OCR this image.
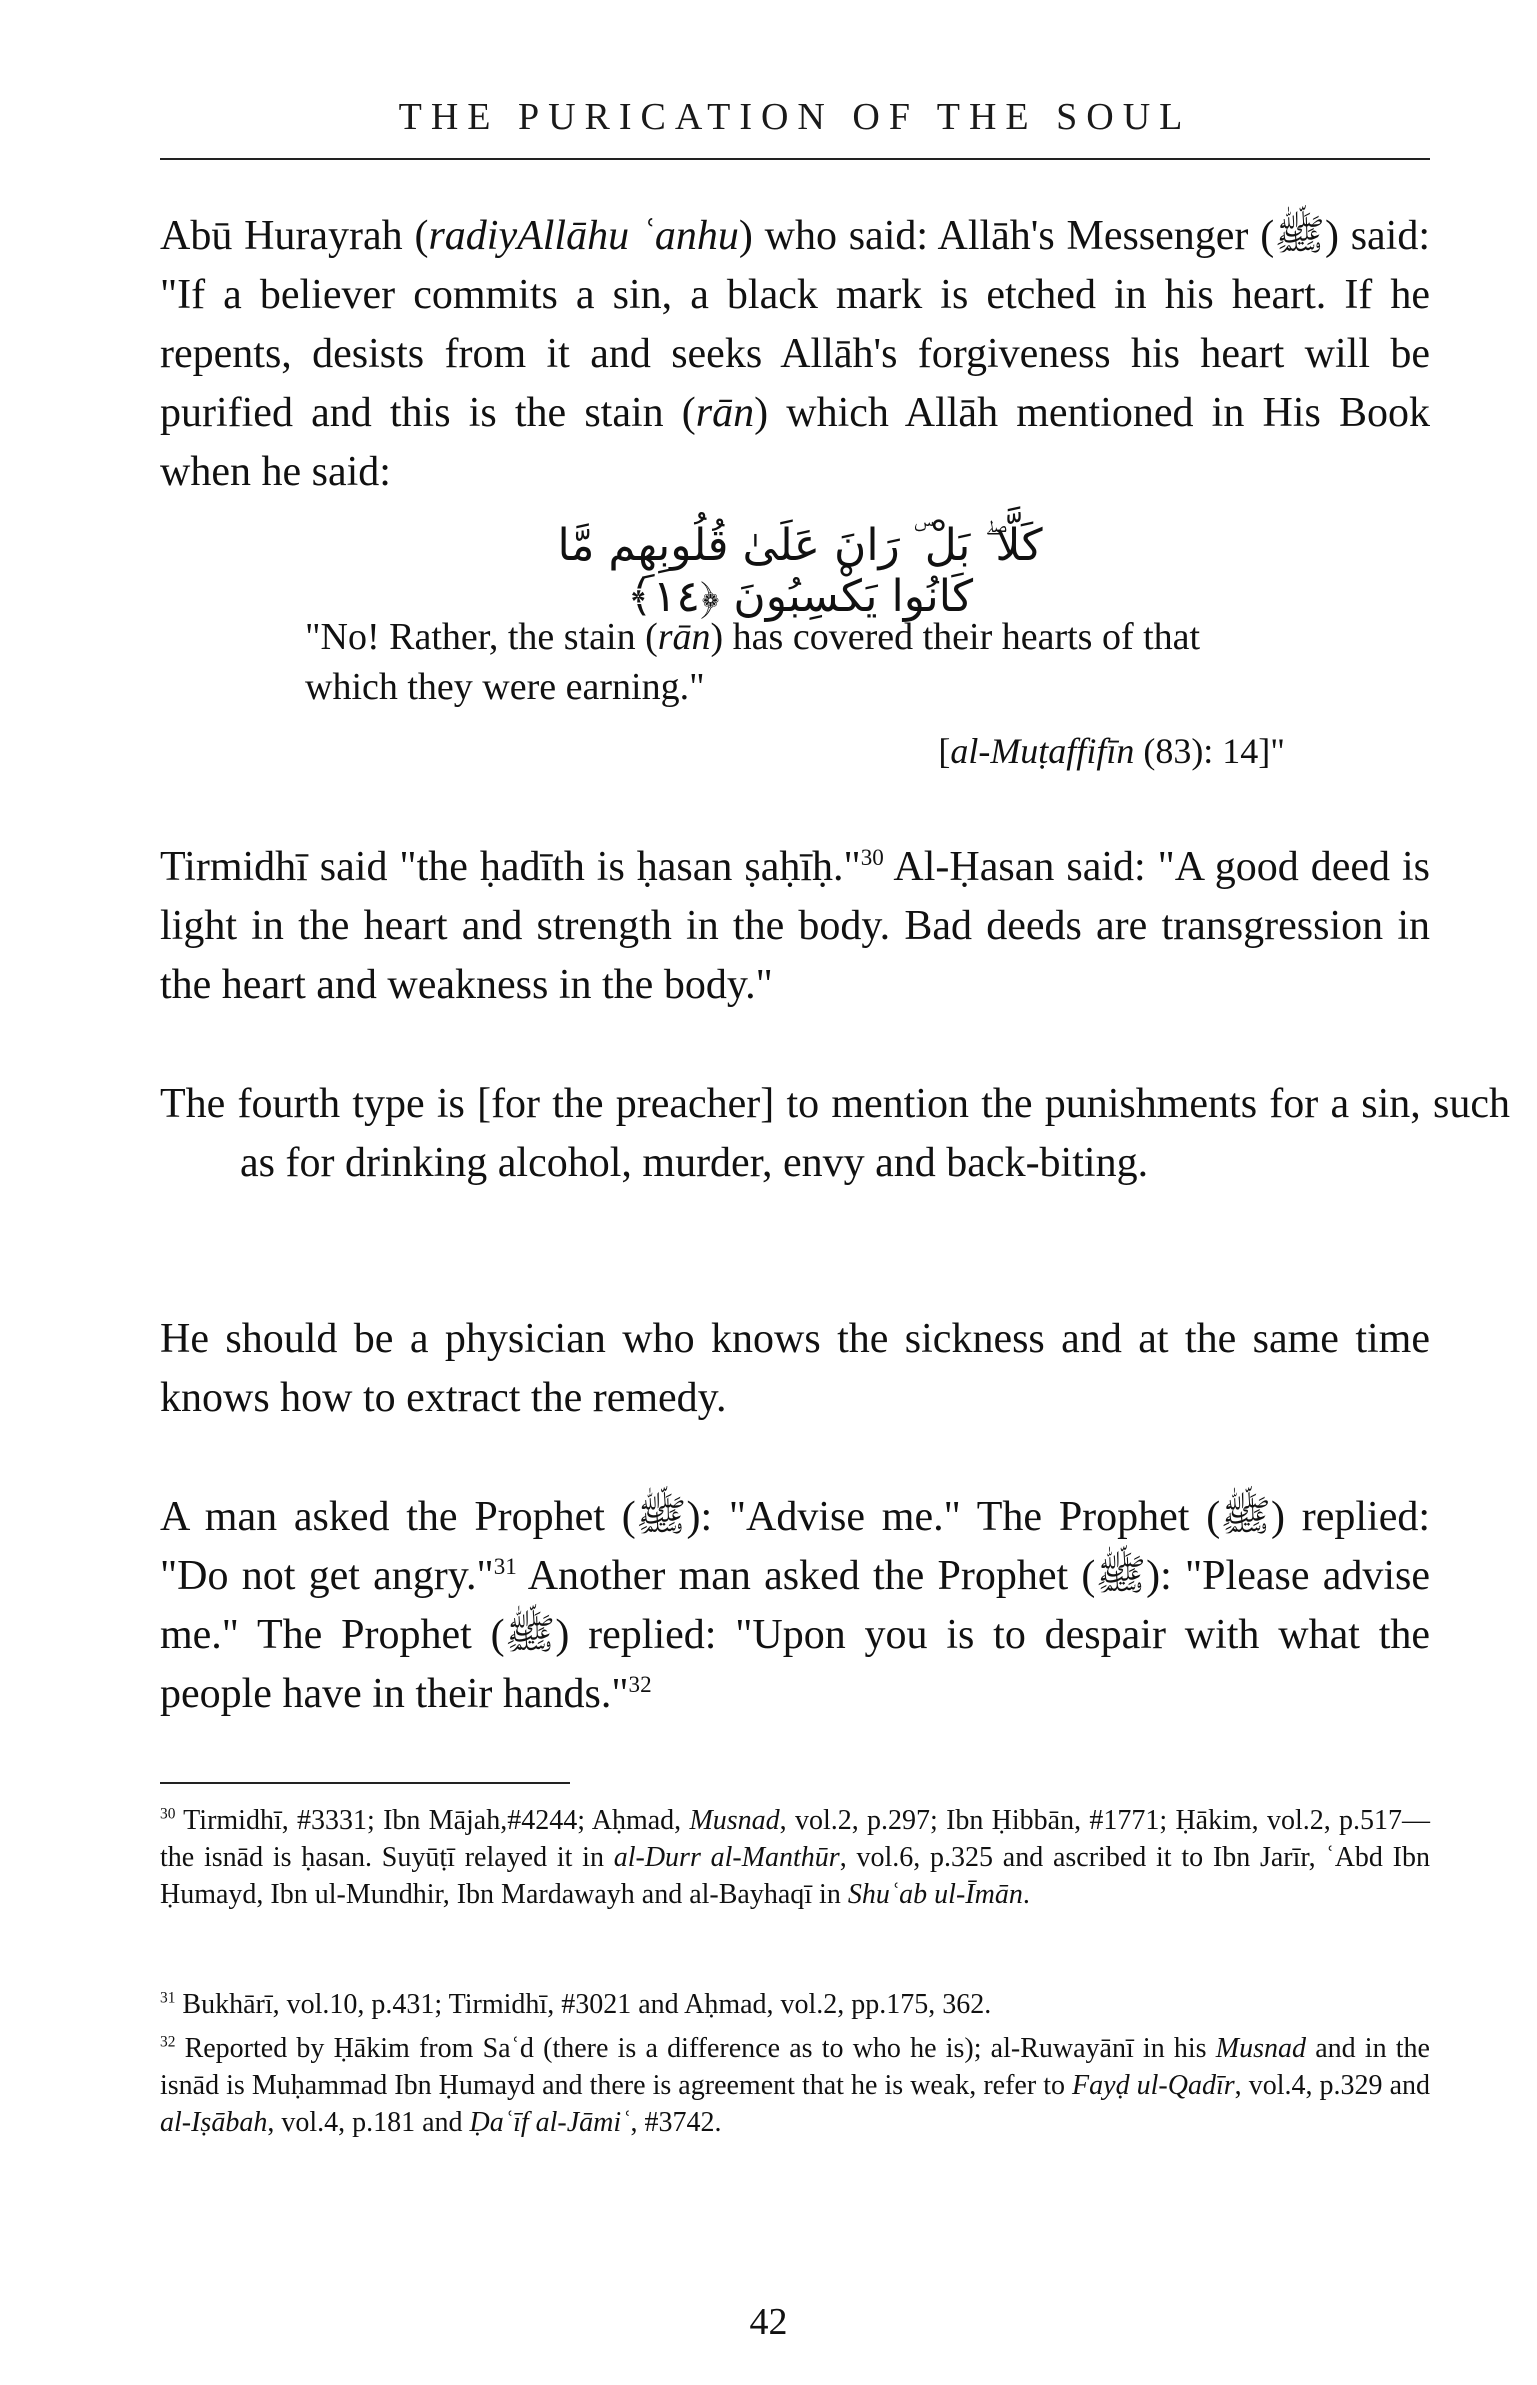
THE PURICATION OF THE SOUL

Abū Hurayrah (radiyAllāhu ʿanhu) who said: Allāh's Messenger (ﷺ) said: "If a believer commits a sin, a black mark is etched in his heart. If he repents, desists from it and seeks Allāh's forgiveness his heart will be purified and this is the stain (rān) which Allāh mentioned in His Book when he said:

كَلَّا ۖ بَلْ ۜ رَانَ عَلَىٰ قُلُوبِهِم مَّا كَانُوا يَكْسِبُونَ ﴿١٤﴾

"No! Rather, the stain (rān) has covered their hearts of that which they were earning."

[al-Muṭaffifīn (83): 14]"

Tirmidhī said "the ḥadīth is ḥasan ṣaḥīḥ."$^{30}$ Al-Ḥasan said: "A good deed is light in the heart and strength in the body. Bad deeds are transgression in the heart and weakness in the body."

The fourth type is [for the preacher] to mention the punishments for a sin, such as for drinking alcohol, murder, envy and back-biting.

He should be a physician who knows the sickness and at the same time knows how to extract the remedy.

A man asked the Prophet (ﷺ): "Advise me." The Prophet (ﷺ) replied: "Do not get angry."$^{31}$ Another man asked the Prophet (ﷺ): "Please advise me." The Prophet (ﷺ) replied: "Upon you is to despair with what the people have in their hands."$^{32}$

$^{30}$ Tirmidhī, #3331; Ibn Mājah,#4244; Aḥmad, Musnad, vol.2, p.297; Ibn Ḥibbān, #1771; Ḥākim, vol.2, p.517—the isnād is ḥasan. Suyūṭī relayed it in al-Durr al-Manthūr, vol.6, p.325 and ascribed it to Ibn Jarīr, ʿAbd Ibn Ḥumayd, Ibn ul-Mundhir, Ibn Mardawayh and al-Bayhaqī in Shuʿab ul-Īmān.

$^{31}$ Bukhārī, vol.10, p.431; Tirmidhī, #3021 and Aḥmad, vol.2, pp.175, 362.

$^{32}$ Reported by Ḥākim from Saʿd (there is a difference as to who he is); al-Ruwayānī in his Musnad and in the isnād is Muḥammad Ibn Ḥumayd and there is agreement that he is weak, refer to Fayḍ ul-Qadīr, vol.4, p.329 and al-Iṣābah, vol.4, p.181 and Ḍaʿīf al-Jāmiʿ, #3742.

42
